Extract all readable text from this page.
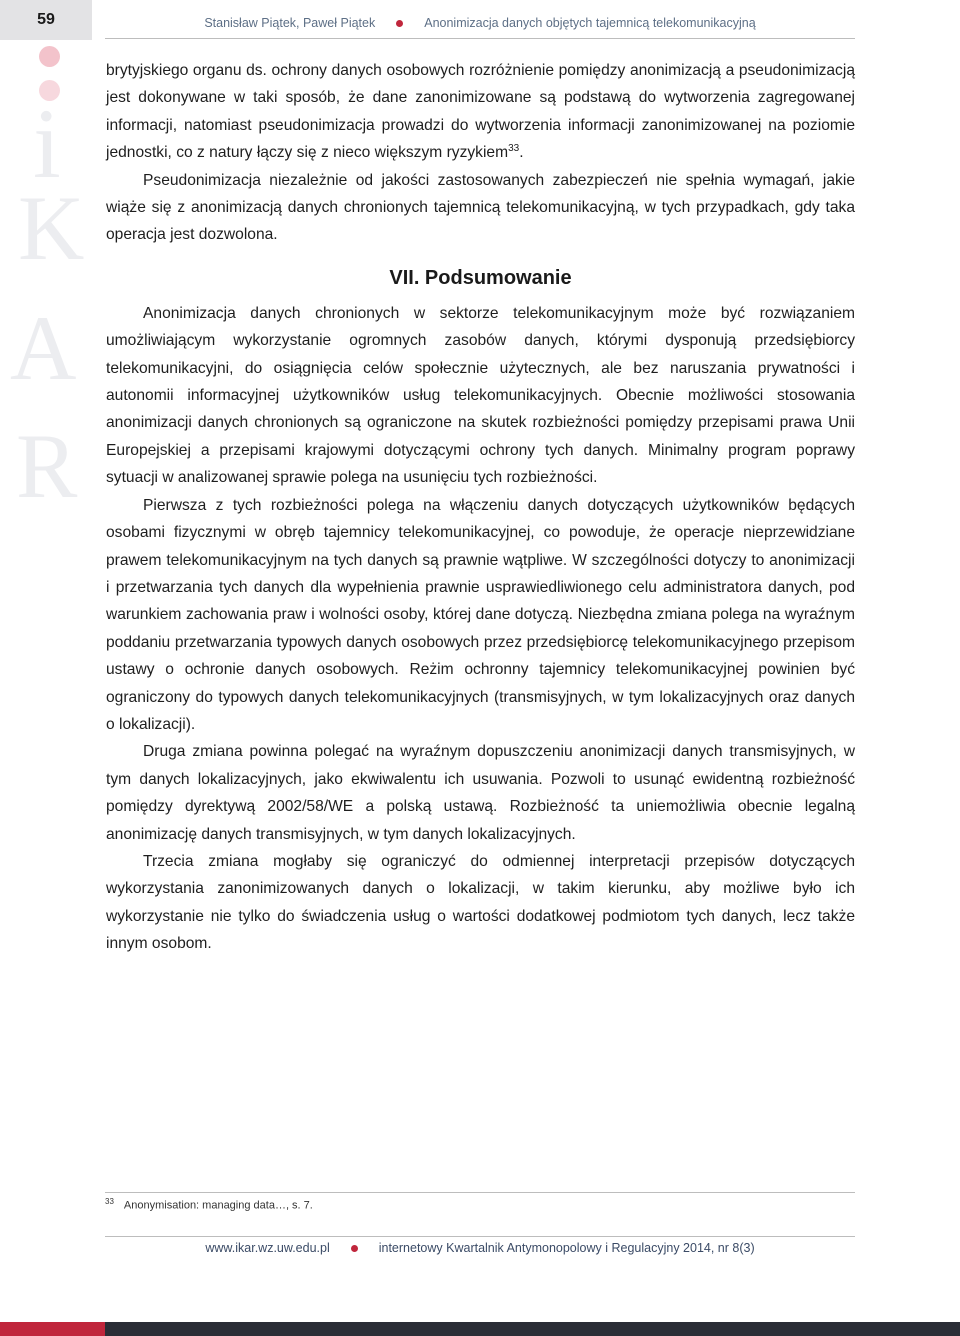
59	Stanisław Piątek, Paweł Piątek	Anonimizacja danych objętych tajemnicą telekomunikacyjną
i
K
A
R

brytyjskiego organu ds. ochrony danych osobowych rozróżnienie pomiędzy anonimizacją a pseudonimizacją jest dokonywane w taki sposób, że dane zanonimizowane są podstawą do wytworzenia zagregowanej informacji, natomiast pseudonimizacja prowadzi do wytworzenia informacji zanonimizowanej na poziomie jednostki, co z natury łączy się z nieco większym ryzykiem$^{33}$.

Pseudonimizacja niezależnie od jakości zastosowanych zabezpieczeń nie spełnia wymagań, jakie wiąże się z anonimizacją danych chronionych tajemnicą telekomunikacyjną, w tych przypadkach, gdy taka operacja jest dozwolona.

VII. Podsumowanie

Anonimizacja danych chronionych w sektorze telekomunikacyjnym może być rozwiązaniem umożliwiającym wykorzystanie ogromnych zasobów danych, którymi dysponują przedsiębiorcy telekomunikacyjni, do osiągnięcia celów społecznie użytecznych, ale bez naruszania prywatności i autonomii informacyjnej użytkowników usług telekomunikacyjnych. Obecnie możliwości stosowania anonimizacji danych chronionych są ograniczone na skutek rozbieżności pomiędzy przepisami prawa Unii Europejskiej a przepisami krajowymi dotyczącymi ochrony tych danych. Minimalny program poprawy sytuacji w analizowanej sprawie polega na usunięciu tych rozbieżności.

Pierwsza z tych rozbieżności polega na włączeniu danych dotyczących użytkowników będących osobami fizycznymi w obręb tajemnicy telekomunikacyjnej, co powoduje, że operacje nieprzewidziane prawem telekomunikacyjnym na tych danych są prawnie wątpliwe. W szczególności dotyczy to anonimizacji i przetwarzania tych danych dla wypełnienia prawnie usprawiedliwionego celu administratora danych, pod warunkiem zachowania praw i wolności osoby, której dane dotyczą. Niezbędna zmiana polega na wyraźnym poddaniu przetwarzania typowych danych osobowych przez przedsiębiorcę telekomunikacyjnego przepisom ustawy o ochronie danych osobowych. Reżim ochronny tajemnicy telekomunikacyjnej powinien być ograniczony do typowych danych telekomunikacyjnych (transmisyjnych, w tym lokalizacyjnych oraz danych o lokalizacji).

Druga zmiana powinna polegać na wyraźnym dopuszczeniu anonimizacji danych transmisyjnych, w tym danych lokalizacyjnych, jako ekwiwalentu ich usuwania. Pozwoli to usunąć ewidentną rozbieżność pomiędzy dyrektywą 2002/58/WE a polską ustawą. Rozbieżność ta uniemożliwia obecnie legalną anonimizację danych transmisyjnych, w tym danych lokalizacyjnych.

Trzecia zmiana mogłaby się ograniczyć do odmiennej interpretacji przepisów dotyczących wykorzystania zanonimizowanych danych o lokalizacji, w takim kierunku, aby możliwe było ich wykorzystanie nie tylko do świadczenia usług o wartości dodatkowej podmiotom tych danych, lecz także innym osobom.

$^{33}$ Anonymisation: managing data…, s. 7.
www.ikar.wz.uw.edu.pl	internetowy Kwartalnik Antymonopolowy i Regulacyjny 2014, nr 8(3)
